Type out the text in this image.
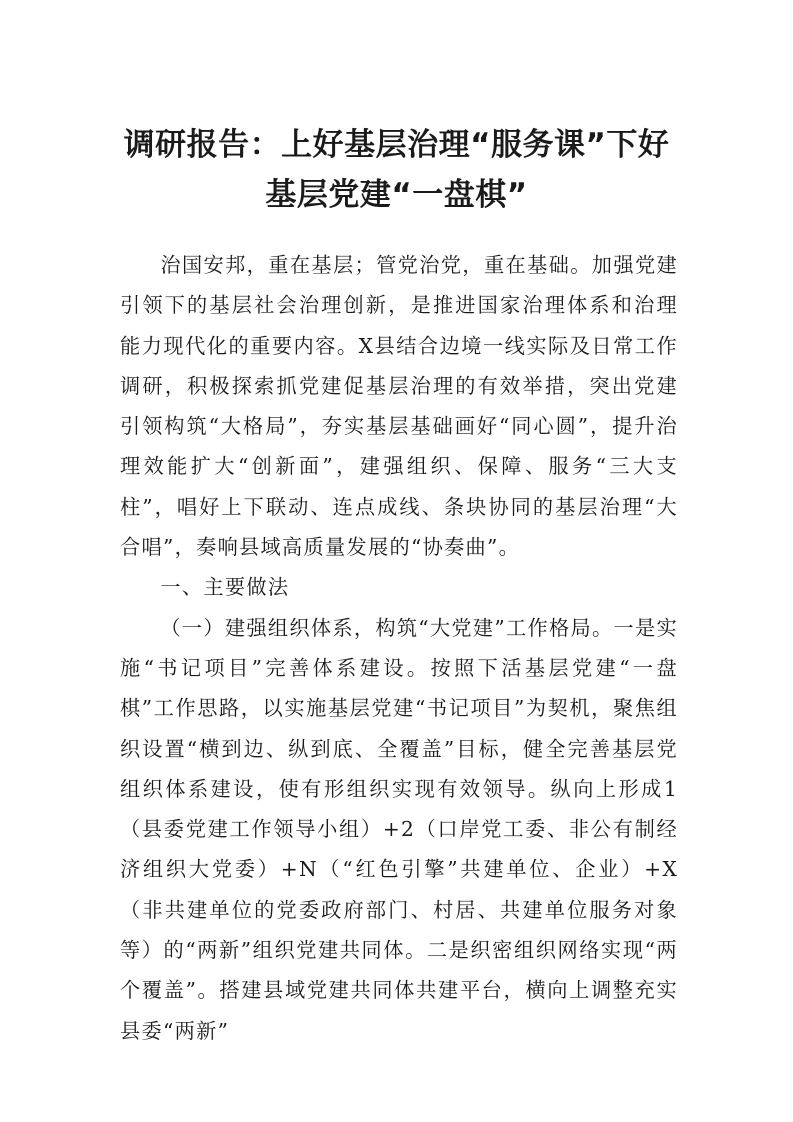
调研报告：上好基层治理“服务课”下好基层党建“一盘棋”

治国安邦，重在基层；管党治党，重在基础。加强党建引领下的基层社会治理创新，是推进国家治理体系和治理能力现代化的重要内容。X县结合边境一线实际及日常工作调研，积极探索抓党建促基层治理的有效举措，突出党建引领构筑“大格局”，夯实基层基础画好“同心圆”，提升治理效能扩大“创新面”，建强组织、保障、服务“三大支柱”，唱好上下联动、连点成线、条块协同的基层治理“大合唱”，奏响县域高质量发展的“协奏曲”。

一、主要做法

（一）建强组织体系，构筑“大党建”工作格局。一是实施“书记项目”完善体系建设。按照下活基层党建“一盘棋”工作思路，以实施基层党建“书记项目”为契机，聚焦组织设置“横到边、纵到底、全覆盖”目标，健全完善基层党组织体系建设，使有形组织实现有效领导。纵向上形成1（县委党建工作领导小组）+2（口岸党工委、非公有制经济组织大党委）+N（“红色引擎”共建单位、企业）+X（非共建单位的党委政府部门、村居、共建单位服务对象等）的“两新”组织党建共同体。二是织密组织网络实现“两个覆盖”。搭建县域党建共同体共建平台，横向上调整充实县委“两新”
